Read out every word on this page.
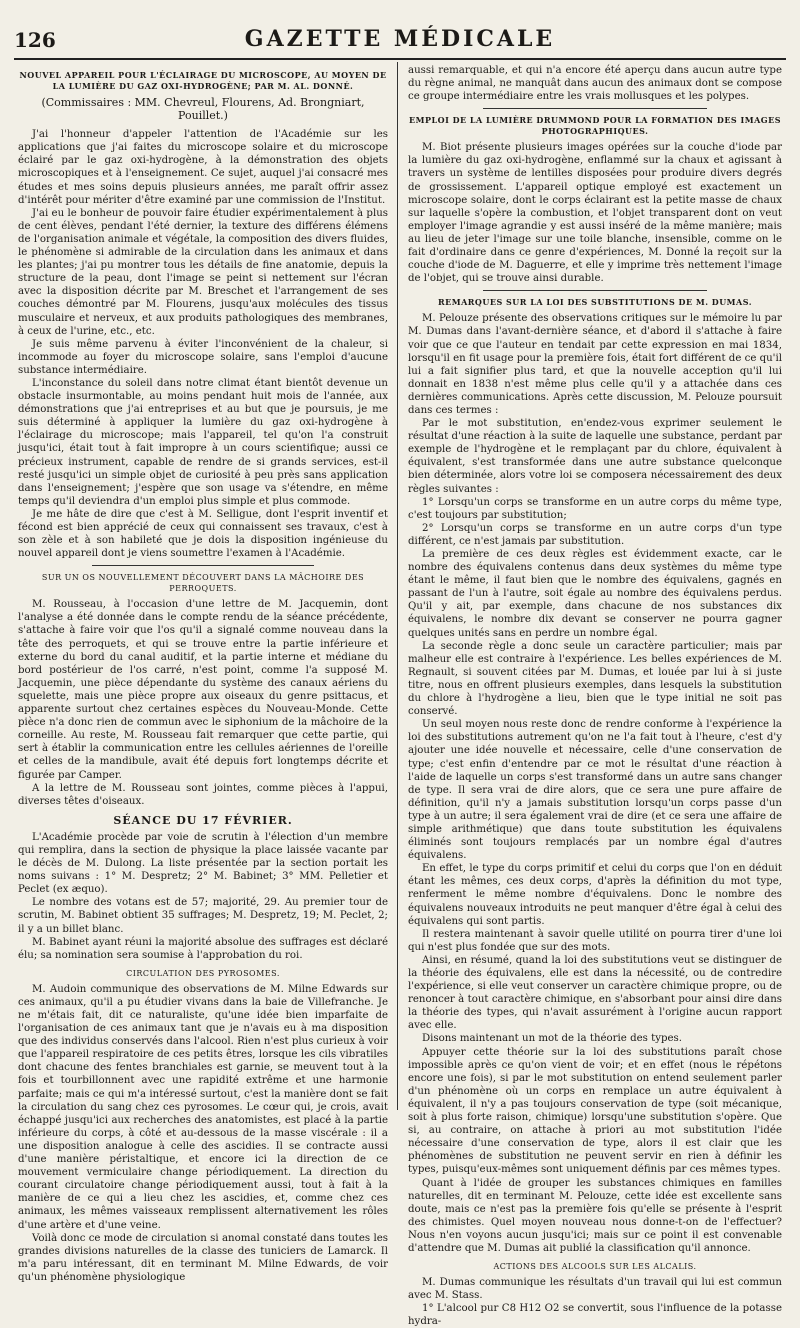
126	GAZETTE MÉDICALE
NOUVEL APPAREIL POUR L'ÉCLAIRAGE DU MICROSCOPE, AU MOYEN DE LA LUMIÈRE DU GAZ OXI-HYDROGÈNE; PAR M. AL. DONNÉ.
(Commissaires : MM. Chevreul, Flourens, Ad. Brongniart, Pouillet.)

J'ai l'honneur d'appeler l'attention de l'Académie sur les applications que j'ai faites du microscope solaire et du microscope éclairé par le gaz oxi-hydrogène, à la démonstration des objets microscopiques et à l'enseignement. Ce sujet, auquel j'ai consacré mes études et mes soins depuis plusieurs années, me paraît offrir assez d'intérêt pour mériter d'être examiné par une commission de l'Institut.

J'ai eu le bonheur de pouvoir faire étudier expérimentalement à plus de cent élèves, pendant l'été dernier, la texture des différens élémens de l'organisation animale et végétale, la composition des divers fluides, le phénomène si admirable de la circulation dans les animaux et dans les plantes; j'ai pu montrer tous les détails de fine anatomie, depuis la structure de la peau, dont l'image se peint si nettement sur l'écran avec la disposition décrite par M. Breschet et l'arrangement de ses couches démontré par M. Flourens, jusqu'aux molécules des tissus musculaire et nerveux, et aux produits pathologiques des membranes, à ceux de l'urine, etc., etc.

Je suis même parvenu à éviter l'inconvénient de la chaleur, si incommode au foyer du microscope solaire, sans l'emploi d'aucune substance intermédiaire.

L'inconstance du soleil dans notre climat étant bientôt devenue un obstacle insurmontable, au moins pendant huit mois de l'année, aux démonstrations que j'ai entreprises et au but que je poursuis, je me suis déterminé à appliquer la lumière du gaz oxi-hydrogène à l'éclairage du microscope; mais l'appareil, tel qu'on l'a construit jusqu'ici, était tout à fait impropre à un cours scientifique; aussi ce précieux instrument, capable de rendre de si grands services, est-il resté jusqu'ici un simple objet de curiosité à peu près sans application dans l'enseignement; j'espère que son usage va s'étendre, en même temps qu'il deviendra d'un emploi plus simple et plus commode.

Je me hâte de dire que c'est à M. Selligue, dont l'esprit inventif et fécond est bien apprécié de ceux qui connaissent ses travaux, c'est à son zèle et à son habileté que je dois la disposition ingénieuse du nouvel appareil dont je viens soumettre l'examen à l'Académie.

SUR UN OS NOUVELLEMENT DÉCOUVERT DANS LA MÂCHOIRE DES PERROQUETS.

M. Rousseau, à l'occasion d'une lettre de M. Jacquemin, dont l'analyse a été donnée dans le compte rendu de la séance précédente, s'attache à faire voir que l'os qu'il a signalé comme nouveau dans la tête des perroquets, et qui se trouve entre la partie inférieure et externe du bord du canal auditif, et la partie interne et médiane du bord postérieur de l'os carré, n'est point, comme l'a supposé M. Jacquemin, une pièce dépendante du système des canaux aériens du squelette, mais une pièce propre aux oiseaux du genre psittacus, et apparente surtout chez certaines espèces du Nouveau-Monde. Cette pièce n'a donc rien de commun avec le siphonium de la mâchoire de la corneille. Au reste, M. Rousseau fait remarquer que cette partie, qui sert à établir la communication entre les cellules aériennes de l'oreille et celles de la mandibule, avait été depuis fort longtemps décrite et figurée par Camper.

A la lettre de M. Rousseau sont jointes, comme pièces à l'appui, diverses têtes d'oiseaux.

SÉANCE DU 17 FÉVRIER.

L'Académie procède par voie de scrutin à l'élection d'un membre qui remplira, dans la section de physique la place laissée vacante par le décès de M. Dulong. La liste présentée par la section portait les noms suivans : 1° M. Despretz; 2° M. Babinet; 3° MM. Pelletier et Peclet (ex æquo).

Le nombre des votans est de 57; majorité, 29. Au premier tour de scrutin, M. Babinet obtient 35 suffrages; M. Despretz, 19; M. Peclet, 2; il y a un billet blanc.

M. Babinet ayant réuni la majorité absolue des suffrages est déclaré élu; sa nomination sera soumise à l'approbation du roi.

CIRCULATION DES PYROSOMES.

M. Audoin communique des observations de M. Milne Edwards sur ces animaux, qu'il a pu étudier vivans dans la baie de Villefranche. Je ne m'étais fait, dit ce naturaliste, qu'une idée bien imparfaite de l'organisation de ces animaux tant que je n'avais eu à ma disposition que des individus conservés dans l'alcool. Rien n'est plus curieux à voir que l'appareil respiratoire de ces petits êtres, lorsque les cils vibratiles dont chacune des fentes branchiales est garnie, se meuvent tout à la fois et tourbillonnent avec une rapidité extrême et une harmonie parfaite; mais ce qui m'a intéressé surtout, c'est la manière dont se fait la circulation du sang chez ces pyrosomes. Le cœur qui, je crois, avait échappé jusqu'ici aux recherches des anatomistes, est placé à la partie inférieure du corps, à côté et au-dessous de la masse viscérale : il a une disposition analogue à celle des ascidies. Il se contracte aussi d'une manière péristaltique, et encore ici la direction de ce mouvement vermiculaire change périodiquement. La direction du courant circulatoire change périodiquement aussi, tout à fait à la manière de ce qui a lieu chez les ascidies, et, comme chez ces animaux, les mêmes vaisseaux remplissent alternativement les rôles d'une artère et d'une veine.

Voilà donc ce mode de circulation si anomal constaté dans toutes les grandes divisions naturelles de la classe des tuniciers de Lamarck. Il m'a paru intéressant, dit en terminant M. Milne Edwards, de voir qu'un phénomène physiologique

aussi remarquable, et qui n'a encore été aperçu dans aucun autre type du règne animal, ne manquât dans aucun des animaux dont se compose ce groupe intermédiaire entre les vrais mollusques et les polypes.

EMPLOI DE LA LUMIÈRE DRUMMOND POUR LA FORMATION DES IMAGES PHOTOGRAPHIQUES.

M. Biot présente plusieurs images opérées sur la couche d'iode par la lumière du gaz oxi-hydrogène, enflammé sur la chaux et agissant à travers un système de lentilles disposées pour produire divers degrés de grossissement. L'appareil optique employé est exactement un microscope solaire, dont le corps éclairant est la petite masse de chaux sur laquelle s'opère la combustion, et l'objet transparent dont on veut employer l'image agrandie y est aussi inséré de la même manière; mais au lieu de jeter l'image sur une toile blanche, insensible, comme on le fait d'ordinaire dans ce genre d'expériences, M. Donné la reçoit sur la couche d'iode de M. Daguerre, et elle y imprime très nettement l'image de l'objet, qui se trouve ainsi durable.

REMARQUES SUR LA LOI DES SUBSTITUTIONS DE M. DUMAS.

M. Pelouze présente des observations critiques sur le mémoire lu par M. Dumas dans l'avant-dernière séance, et d'abord il s'attache à faire voir que ce que l'auteur en tendait par cette expression en mai 1834, lorsqu'il en fit usage pour la première fois, était fort différent de ce qu'il lui a fait signifier plus tard, et que la nouvelle acception qu'il lui donnait en 1838 n'est même plus celle qu'il y a attachée dans ces dernières communications. Après cette discussion, M. Pelouze poursuit dans ces termes :

Par le mot substitution, en'endez-vous exprimer seulement le résultat d'une réaction à la suite de laquelle une substance, perdant par exemple de l'hydrogène et le remplaçant par du chlore, équivalent à équivalent, s'est transformée dans une autre substance quelconque bien déterminée, alors votre loi se composera nécessairement des deux règles suivantes :

1° Lorsqu'un corps se transforme en un autre corps du même type, c'est toujours par substitution;

2° Lorsqu'un corps se transforme en un autre corps d'un type différent, ce n'est jamais par substitution.

La première de ces deux règles est évidemment exacte, car le nombre des équivalens contenus dans deux systèmes du même type étant le même, il faut bien que le nombre des équivalens, gagnés en passant de l'un à l'autre, soit égale au nombre des équivalens perdus. Qu'il y ait, par exemple, dans chacune de nos substances dix équivalens, le nombre dix devant se conserver ne pourra gagner quelques unités sans en perdre un nombre égal.

La seconde règle a donc seule un caractère particulier; mais par malheur elle est contraire à l'expérience. Les belles expériences de M. Regnault, si souvent citées par M. Dumas, et louée par lui à si juste titre, nous en offrent plusieurs exemples, dans lesquels la substitution du chlore à l'hydrogène a lieu, bien que le type initial ne soit pas conservé.

Un seul moyen nous reste donc de rendre conforme à l'expérience la loi des substitutions autrement qu'on ne l'a fait tout à l'heure, c'est d'y ajouter une idée nouvelle et nécessaire, celle d'une conservation de type; c'est enfin d'entendre par ce mot le résultat d'une réaction à l'aide de laquelle un corps s'est transformé dans un autre sans changer de type. Il sera vrai de dire alors, que ce sera une pure affaire de définition, qu'il n'y a jamais substitution lorsqu'un corps passe d'un type à un autre; il sera également vrai de dire (et ce sera une affaire de simple arithmétique) que dans toute substitution les équivalens éliminés sont toujours remplacés par un nombre égal d'autres équivalens.

En effet, le type du corps primitif et celui du corps que l'on en déduit étant les mêmes, ces deux corps, d'après la définition du mot type, renferment le même nombre d'équivalens. Donc le nombre des équivalens nouveaux introduits ne peut manquer d'être égal à celui des équivalens qui sont partis.

Il restera maintenant à savoir quelle utilité on pourra tirer d'une loi qui n'est plus fondée que sur des mots.

Ainsi, en résumé, quand la loi des substitutions veut se distinguer de la théorie des équivalens, elle est dans la nécessité, ou de contredire l'expérience, si elle veut conserver un caractère chimique propre, ou de renoncer à tout caractère chimique, en s'absorbant pour ainsi dire dans la théorie des types, qui n'avait assurément à l'origine aucun rapport avec elle.

Disons maintenant un mot de la théorie des types.

Appuyer cette théorie sur la loi des substitutions paraît chose impossible après ce qu'on vient de voir; et en effet (nous le répétons encore une fois), si par le mot substitution on entend seulement parler d'un phénomène où un corps en remplace un autre équivalent à équivalent, il n'y a pas toujours conservation de type (soit mécanique, soit à plus forte raison, chimique) lorsqu'une substitution s'opère. Que si, au contraire, on attache à priori au mot substitution l'idée nécessaire d'une conservation de type, alors il est clair que les phénomènes de substitution ne peuvent servir en rien à définir les types, puisqu'eux-mêmes sont uniquement définis par ces mêmes types.

Quant à l'idée de grouper les substances chimiques en familles naturelles, dit en terminant M. Pelouze, cette idée est excellente sans doute, mais ce n'est pas la première fois qu'elle se présente à l'esprit des chimistes. Quel moyen nouveau nous donne-t-on de l'effectuer? Nous n'en voyons aucun jusqu'ici; mais sur ce point il est convenable d'attendre que M. Dumas ait publié la classification qu'il annonce.

ACTIONS DES ALCOOLS SUR LES ALCALIS.

M. Dumas communique les résultats d'un travail qui lui est commun avec M. Stass.

1° L'alcool pur C8 H12 O2 se convertit, sous l'influence de la potasse hydra-
